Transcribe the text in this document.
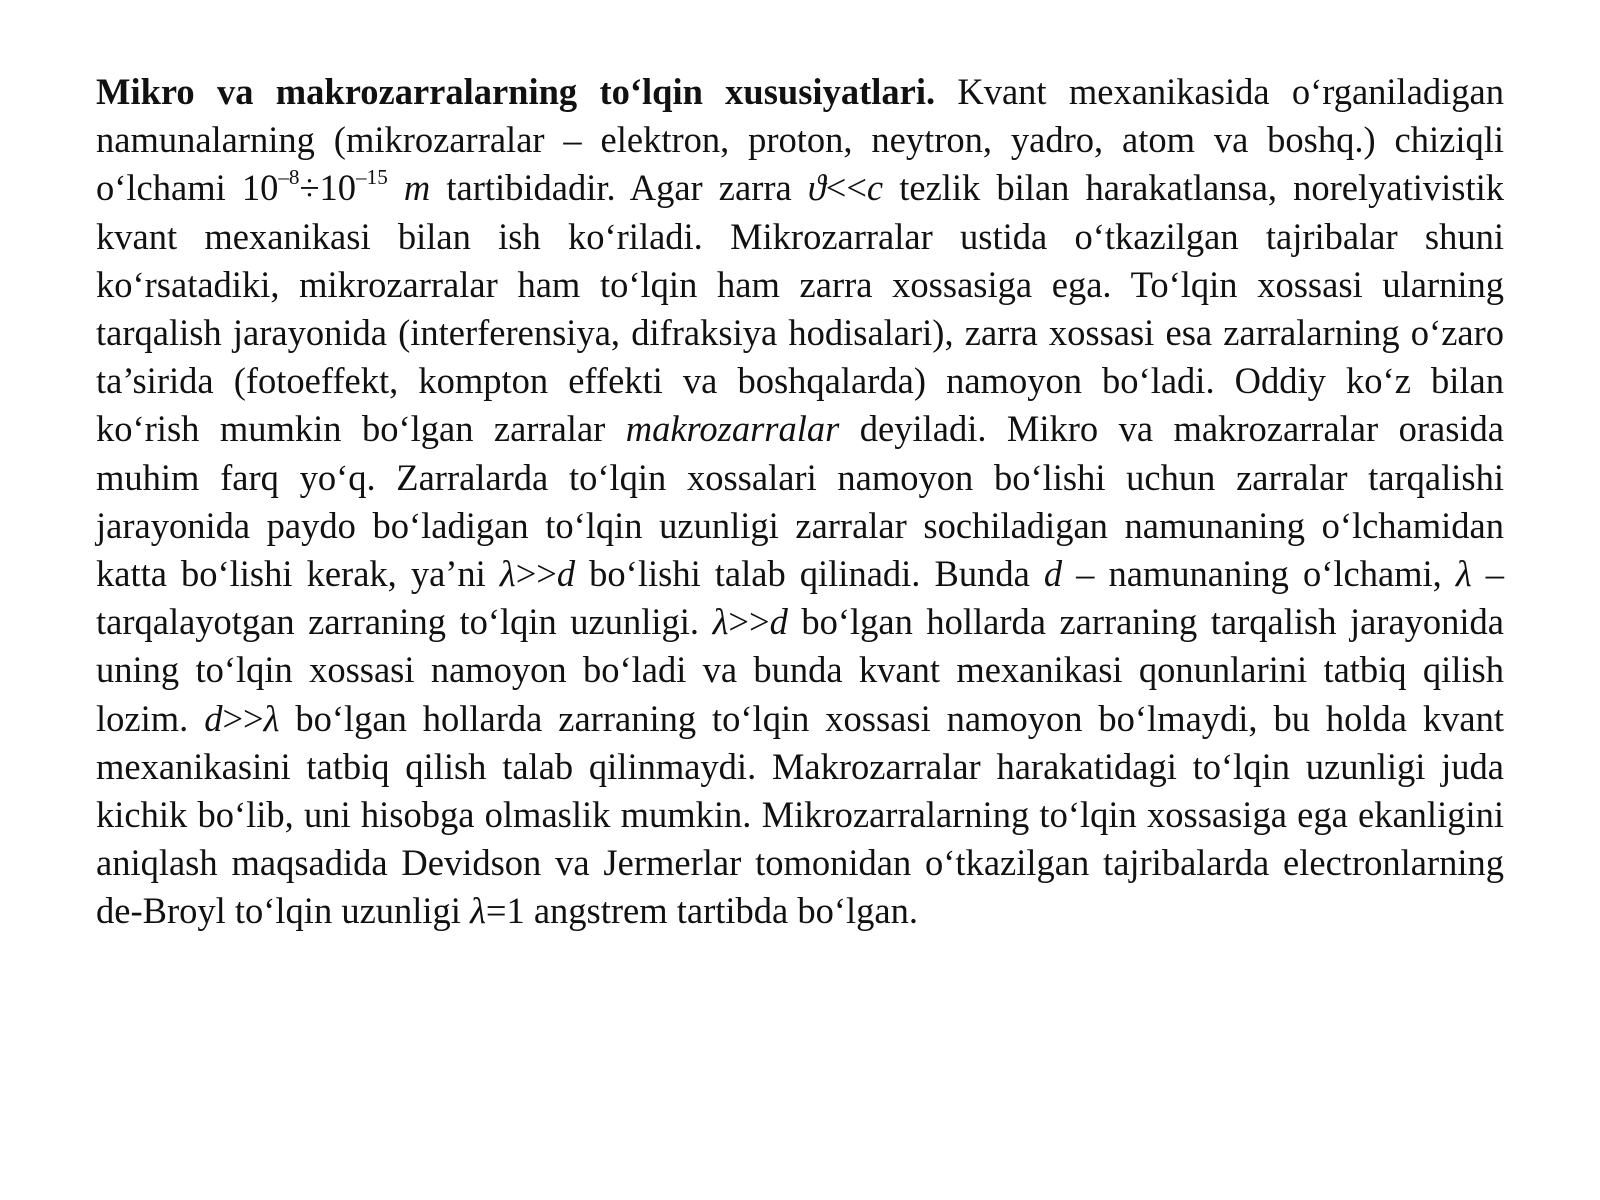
Mikro va makrozarralarning to‘lqin xususiyatlari. Kvant mexanikasida o‘rganiladigan namunalarning (mikrozarralar – elektron, proton, neytron, yadro, atom va boshq.) chiziqli o‘lchami $10^{-8}\div 10^{-15}$ m tartibidadir. Agar zarra ϑ<<c tezlik bilan harakatlansa, norelyativistik kvant mexanikasi bilan ish ko‘riladi. Mikrozarralar ustida o‘tkazilgan tajribalar shuni ko‘rsatadiki, mikrozarralar ham to‘lqin ham zarra xossasiga ega. To‘lqin xossasi ularning tarqalish jarayonida (interferensiya, difraksiya hodisalari), zarra xossasi esa zarralarning o‘zaro ta’sirida (fotoeffekt, kompton effekti va boshqalarda) namoyon bo‘ladi. Oddiy ko‘z bilan ko‘rish mumkin bo‘lgan zarralar makrozarralar deyiladi. Mikro va makrozarralar orasida muhim farq yo‘q. Zarralarda to‘lqin xossalari namoyon bo‘lishi uchun zarralar tarqalishi jarayonida paydo bo‘ladigan to‘lqin uzunligi zarralar sochiladigan namunaning o‘lchamidan katta bo‘lishi kerak, ya’ni λ>>d bo‘lishi talab qilinadi. Bunda d – namunaning o‘lchami, λ – tarqalayotgan zarraning to‘lqin uzunligi. λ>>d bo‘lgan hollarda zarraning tarqalish jarayonida uning to‘lqin xossasi namoyon bo‘ladi va bunda kvant mexanikasi qonunlarini tatbiq qilish lozim. d>>λ bo‘lgan hollarda zarraning to‘lqin xossasi namoyon bo‘lmaydi, bu holda kvant mexanikasini tatbiq qilish talab qilinmaydi. Makrozarralar harakatidagi to‘lqin uzunligi juda kichik bo‘lib, uni hisobga olmaslik mumkin. Mikrozarralarning to‘lqin xossasiga ega ekanligini aniqlash maqsadida Devidson va Jermerlar tomonidan o‘tkazilgan tajribalarda electronlarning de-Broyl to‘lqin uzunligi λ=1 angstrem tartibda bo‘lgan.
